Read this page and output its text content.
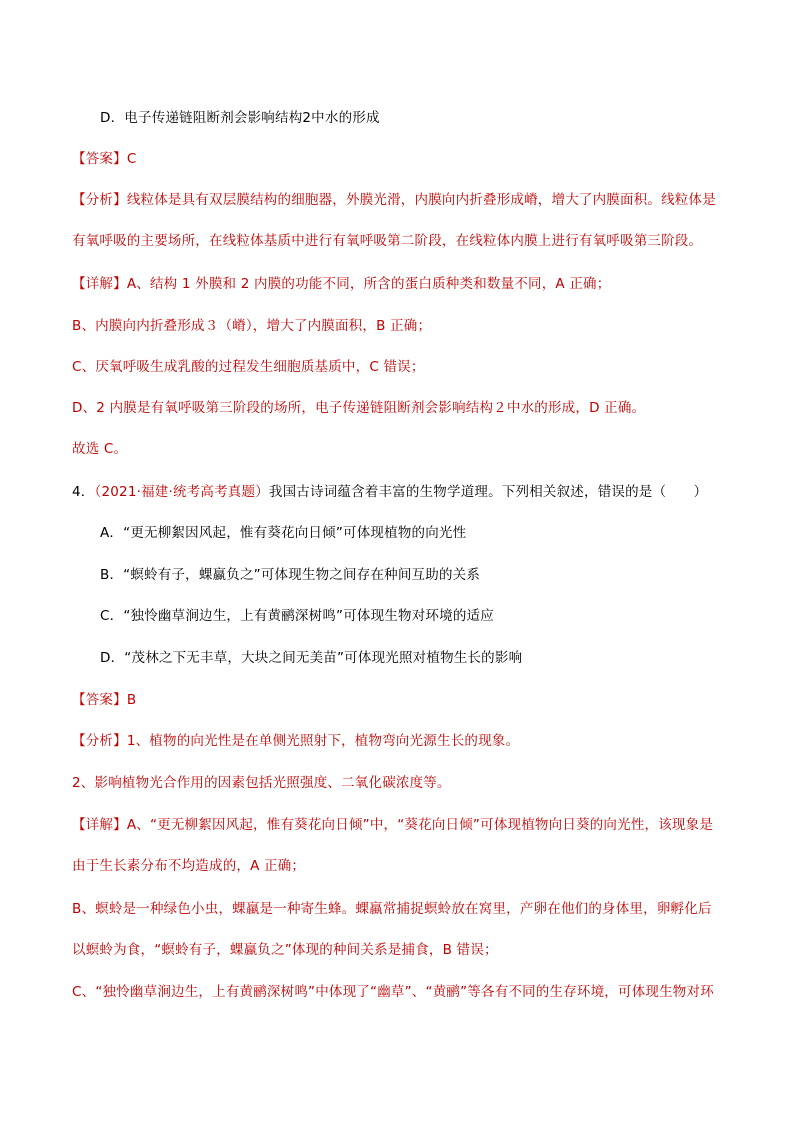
D．电子传递链阻断剂会影响结构2中水的形成
【答案】C
【分析】线粒体是具有双层膜结构的细胞器，外膜光滑，内膜向内折叠形成嵴，增大了内膜面积。线粒体是
有氧呼吸的主要场所，在线粒体基质中进行有氧呼吸第二阶段，在线粒体内膜上进行有氧呼吸第三阶段。
【详解】A、结构 1 外膜和 2 内膜的功能不同，所含的蛋白质种类和数量不同，A 正确；
B、内膜向内折叠形成３（嵴），增大了内膜面积，B 正确；
C、厌氧呼吸生成乳酸的过程发生细胞质基质中，C 错误；
D、2 内膜是有氧呼吸第三阶段的场所，电子传递链阻断剂会影响结构２中水的形成，D 正确。
故选 C。
4．（2021·福建·统考高考真题）我国古诗词蕴含着丰富的生物学道理。下列相关叙述，错误的是（　　）
A．“更无柳絮因风起，惟有葵花向日倾”可体现植物的向光性
B．“螟蛉有子，蜾蠃负之”可体现生物之间存在种间互助的关系
C．“独怜幽草涧边生，上有黄鹂深树鸣”可体现生物对环境的适应
D．“茂林之下无丰草，大块之间无美苗”可体现光照对植物生长的影响
【答案】B
【分析】1、植物的向光性是在单侧光照射下，植物弯向光源生长的现象。
2、影响植物光合作用的因素包括光照强度、二氧化碳浓度等。
【详解】A、“更无柳絮因风起，惟有葵花向日倾”中，“葵花向日倾”可体现植物向日葵的向光性，该现象是
由于生长素分布不均造成的，A 正确；
B、螟蛉是一种绿色小虫，蜾蠃是一种寄生蜂。蜾蠃常捕捉螟蛉放在窝里，产卵在他们的身体里，卵孵化后
以螟蛉为食，“螟蛉有子，蜾蠃负之”体现的种间关系是捕食，B 错误；
C、“独怜幽草涧边生，上有黄鹂深树鸣”中体现了“幽草”、“黄鹂”等各有不同的生存环境，可体现生物对环
